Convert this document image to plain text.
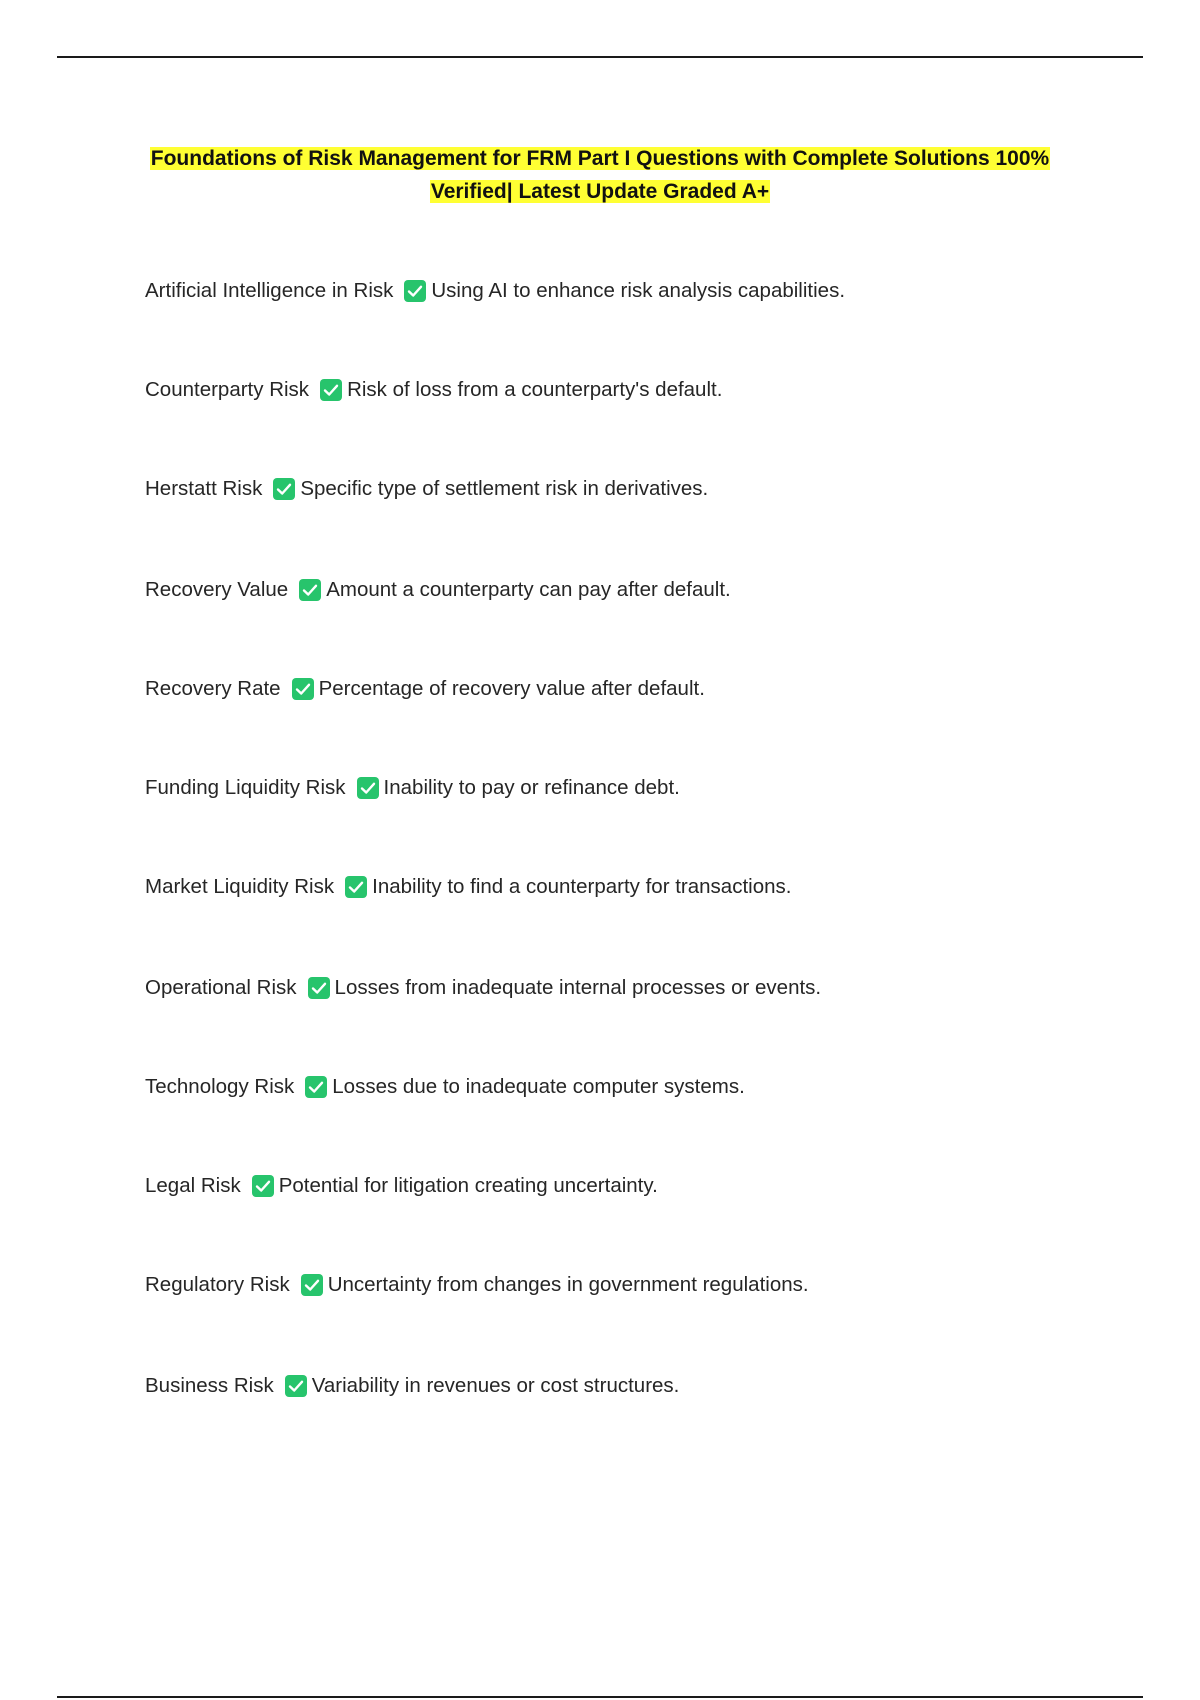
Foundations of Risk Management for FRM Part I Questions with Complete Solutions 100%
Verified| Latest Update Graded A+
Artificial Intelligence in Risk Using AI to enhance risk analysis capabilities.
Counterparty Risk Risk of loss from a counterparty's default.
Herstatt Risk Specific type of settlement risk in derivatives.
Recovery Value Amount a counterparty can pay after default.
Recovery Rate Percentage of recovery value after default.
Funding Liquidity Risk Inability to pay or refinance debt.
Market Liquidity Risk Inability to find a counterparty for transactions.
Operational Risk Losses from inadequate internal processes or events.
Technology Risk Losses due to inadequate computer systems.
Legal Risk Potential for litigation creating uncertainty.
Regulatory Risk Uncertainty from changes in government regulations.
Business Risk Variability in revenues or cost structures.
